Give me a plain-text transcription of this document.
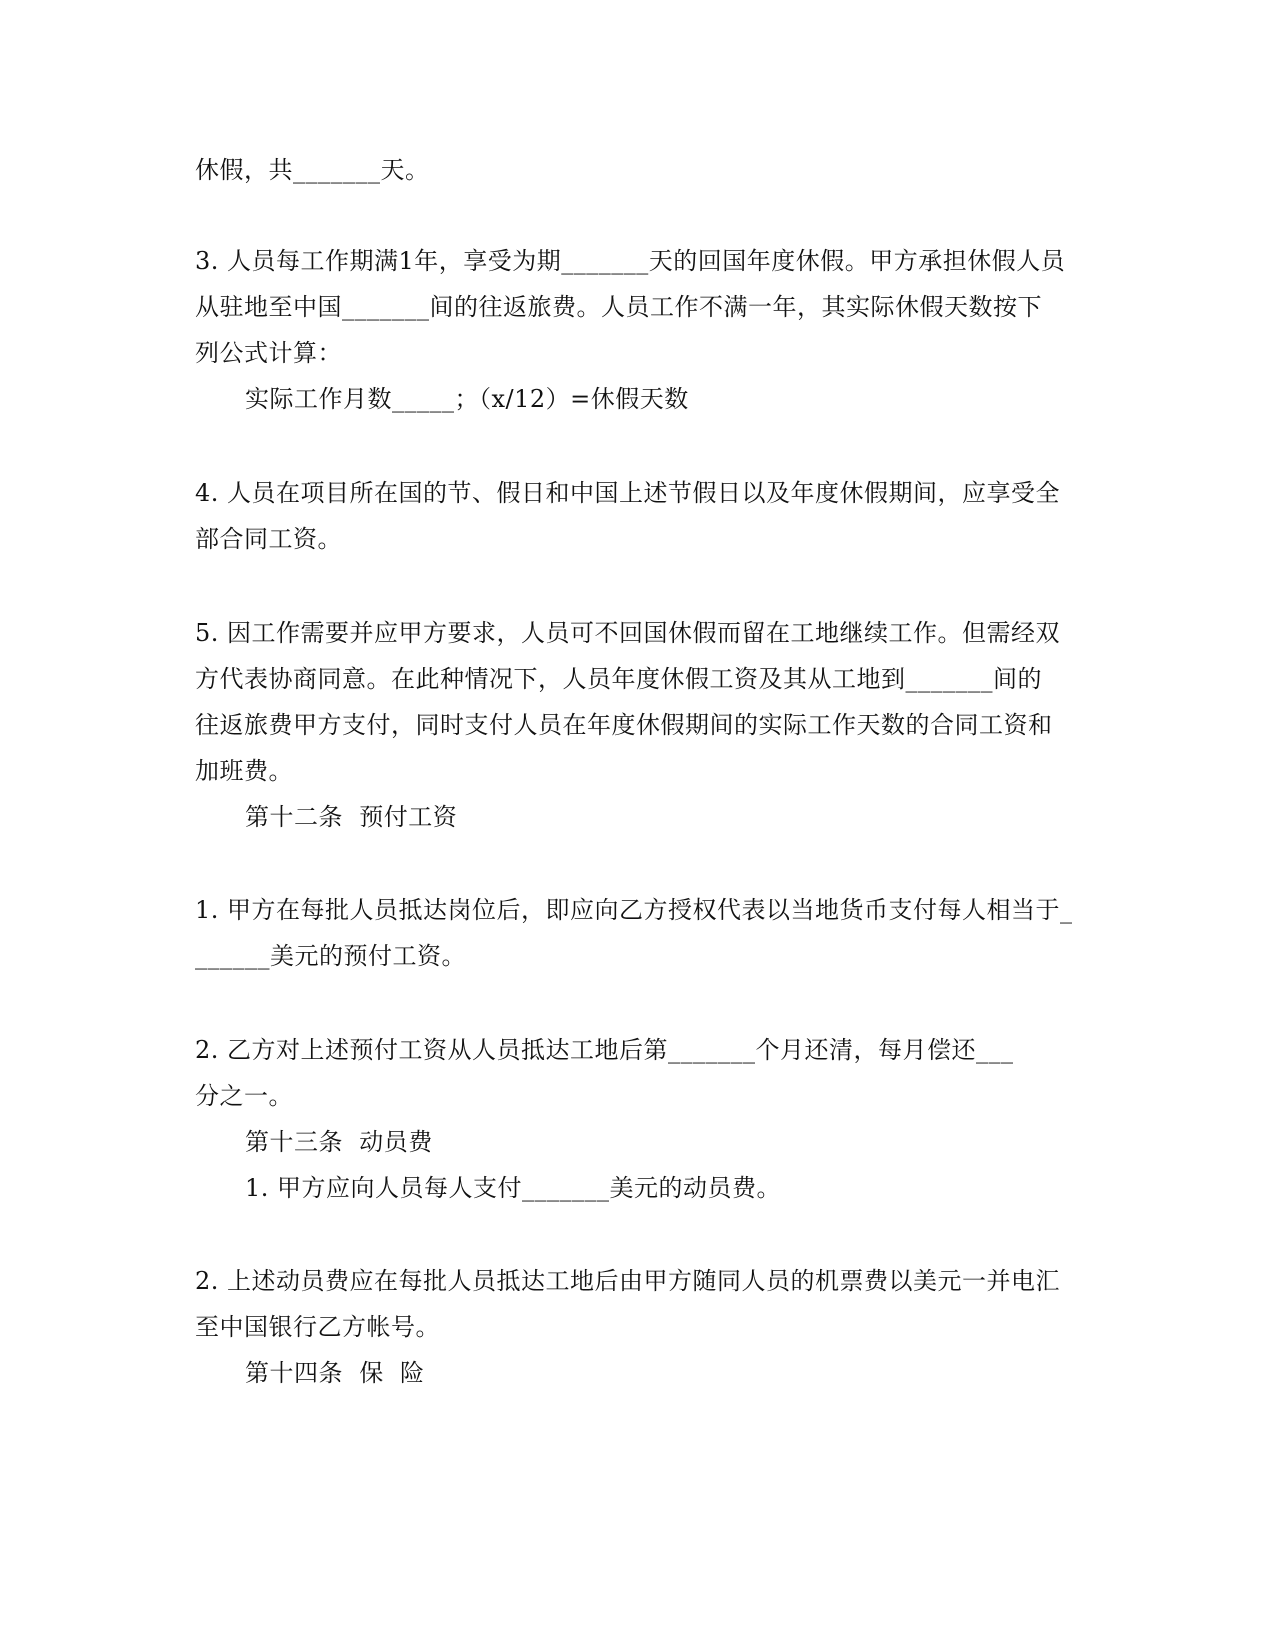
休假，共_______天。
3. 人员每工作期满1年，享受为期_______天的回国年度休假。甲方承担休假人员
从驻地至中国_______间的往返旅费。人员工作不满一年，其实际休假天数按下
列公式计算：
实际工作月数_____；（x/12）=休假天数
4. 人员在项目所在国的节、假日和中国上述节假日以及年度休假期间，应享受全
部合同工资。
5. 因工作需要并应甲方要求，人员可不回国休假而留在工地继续工作。但需经双
方代表协商同意。在此种情况下，人员年度休假工资及其从工地到_______间的
往返旅费甲方支付，同时支付人员在年度休假期间的实际工作天数的合同工资和
加班费。
第十二条  预付工资
1. 甲方在每批人员抵达岗位后，即应向乙方授权代表以当地货币支付每人相当于_
______美元的预付工资。
2. 乙方对上述预付工资从人员抵达工地后第_______个月还清，每月偿还___
分之一。
第十三条  动员费
1. 甲方应向人员每人支付_______美元的动员费。
2. 上述动员费应在每批人员抵达工地后由甲方随同人员的机票费以美元一并电汇
至中国银行乙方帐号。
第十四条  保  险
